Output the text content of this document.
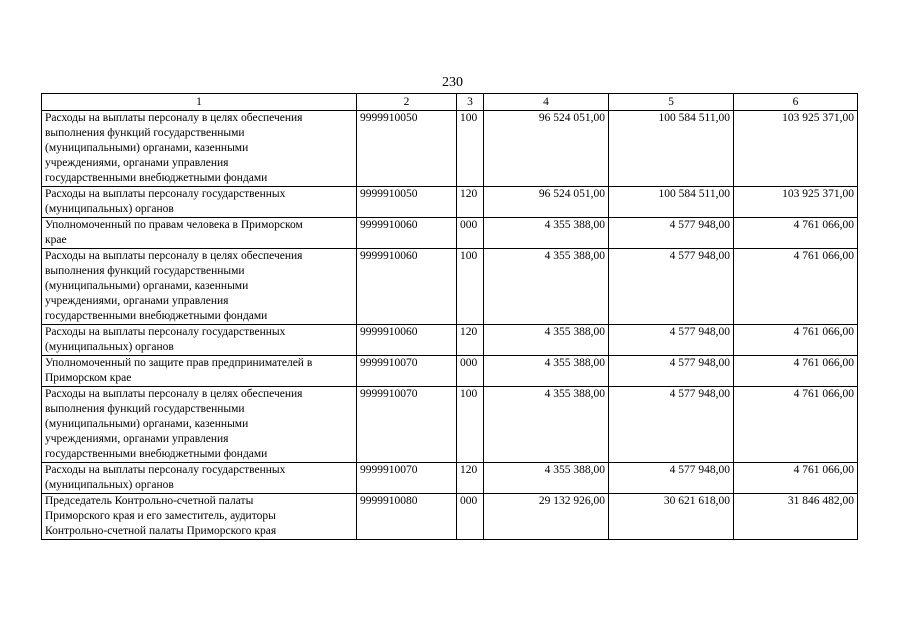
230
1	2	3	4	5	6

Расходы на выплаты персоналу в целях обеспечения
выполнения функций государственными
(муниципальными) органами, казенными
учреждениями, органами управления
государственными внебюджетными фондами	9999910050	100	96 524 051,00	100 584 511,00	103 925 371,00

Расходы на выплаты персоналу государственных
(муниципальных) органов	9999910050	120	96 524 051,00	100 584 511,00	103 925 371,00

Уполномоченный по правам человека в Приморском
крае	9999910060	000	4 355 388,00	4 577 948,00	4 761 066,00

Расходы на выплаты персоналу в целях обеспечения
выполнения функций государственными
(муниципальными) органами, казенными
учреждениями, органами управления
государственными внебюджетными фондами	9999910060	100	4 355 388,00	4 577 948,00	4 761 066,00

Расходы на выплаты персоналу государственных
(муниципальных) органов	9999910060	120	4 355 388,00	4 577 948,00	4 761 066,00

Уполномоченный по защите прав предпринимателей в
Приморском крае	9999910070	000	4 355 388,00	4 577 948,00	4 761 066,00

Расходы на выплаты персоналу в целях обеспечения
выполнения функций государственными
(муниципальными) органами, казенными
учреждениями, органами управления
государственными внебюджетными фондами	9999910070	100	4 355 388,00	4 577 948,00	4 761 066,00

Расходы на выплаты персоналу государственных
(муниципальных) органов	9999910070	120	4 355 388,00	4 577 948,00	4 761 066,00

Председатель Контрольно-счетной палаты
Приморского края и его заместитель, аудиторы
Контрольно-счетной палаты Приморского края	9999910080	000	29 132 926,00	30 621 618,00	31 846 482,00
